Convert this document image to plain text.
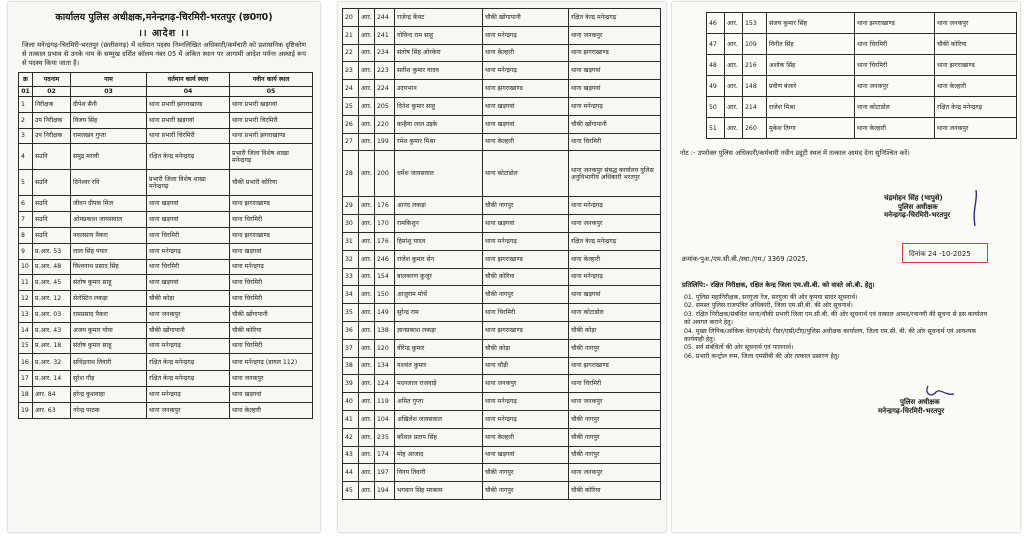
कार्यालय पुलिस अधीक्षक,मनेन्द्रगढ़-चिरमिरी-भरतपुर (छ0ग0)
।। आदेश ।।
जिला मनेन्द्रगढ़-चिरमिरी-भरतपुर (छत्तीसगढ़) में वर्तमान पदस्थ निम्नलिखित अधिकारी/कर्मचारी को प्रशासनिक दृष्टिकोण से तत्काल प्रभाव से उनके नाम के सम्मुख दर्शित कॉलम नंबर 05 में अंकित स्थान पर आगामी आदेश पर्यन्त अस्थाई रूप से पदस्थ किया जाता है।
क्र	पदनाम	नाम	वर्तमान कार्य स्थल	नवीन कार्य स्थल
01	02	03	04	05
1	निरीक्षक	दीपेश सैनी	थाना प्रभारी झगराखाण्ड	थाना प्रभारी खड़गवां
2	उप निरीक्षक	विजय सिंह	थाना प्रभारी खड़गवां	थाना प्रभारी चिरमिरी
3	उप निरीक्षक	रामलखन गुप्ता	थाना प्रभारी चिरमिरी	थाना प्रभारी झगराखाण्ड
4	सउनि	समुद्र मरावी	रक्षित केन्द्र मनेन्द्रगढ़	प्रभारी जिला विशेष शाखा मनेन्द्रगढ़
5	सउनि	दिनेश्वर रवि	प्रभारी जिला विशेष शाखा मनेन्द्रगढ़	चौकी प्रभारी कोरिया
6	सउनि	जीवन दीपक मिंज	थाना खड़गवां	थाना झगराखाण्ड
7	सउनि	ओमप्रकाश जायसवाल	थाना खड़गवां	थाना चिरमिरी
8	सउनि	नवलसाय पैकरा	थाना चिरमिरी	थाना झगराखाण्ड
9	प्र.आर. 53	लाल सिंह पयार	थाना मनेन्द्रगढ़	थाना खड़गवां
10	प्र.आर. 48	विश्वनाथ प्रसाद सिंह	थाना चिरमिरी	थाना मनेन्द्रगढ़
11	प्र.आर. 45	संतोष कुमार साहू	थाना खड़गवां	थाना चिरमिरी
12	प्र.आर. 12	सेलेस्टिन लकड़ा	चौकी कोड़ा	थाना चिरमिरी
13	प्र.आर. 03	रामप्रसाद पैकरा	थाना जनकपुर	चौकी खोंगापानी
14	प्र.आर. 43	अजय कुमार पोया	चौकी खोंगापानी	चौकी कोरिया
15	प्र.आर. 18	संतोष कुमार साहू	थाना मनेन्द्रगढ़	थाना चिरमिरी
16	प्र.आर. 32	सचिंद्रनाथ तिवारी	रक्षित केन्द्र मनेन्द्रगढ़	थाना मनेन्द्रगढ़ (डायल 112)
17	प्र.आर. 14	सुरेश गौड़	रक्षित केन्द्र मनेन्द्रगढ़	थाना जनकपुर
18	आर. 84	हरेन्द्र कुशवाहा	थाना मनेन्द्रगढ़	थाना खड़गवां
19	आर. 63	नरेन्द्र पाठक	थाना जनकपुर	थाना केल्हारी
20	आर.	244	राजेन्द्र केंवट	चौकी खोंगापानी	रक्षित केन्द्र मनेन्द्रगढ़
21	आर.	241	गोविन्द राम साहू	थाना मनेन्द्रगढ़	थाना जनकपुर
22	आर.	234	संतोष सिंह ओरकेरा	थाना केल्हारी	थाना झगराखाण्ड
23	आर.	223	सतीश कुमार यादव	थाना मनेन्द्रगढ़	थाना खड़गवां
24	आर.	224	उदयभान	थाना झगराखाण्ड	थाना खड़गवां
25	आर.	205	दिनेश कुमार साहू	थाना खड़गवां	थाना मनेन्द्रगढ़
26	आर.	220	कन्हैया लाल उइके	थाना खड़गवां	चौकी खोंगापानी
27	आर.	199	रमेश कुमार मिश्रा	थाना केल्हारी	थाना चिरमिरी
28	आर.	200	धर्मेश जायसवाल	थाना कोटाडोल	थाना जनकपुर संबद्ध कार्यालय पुलिस अनुविभागीय अधिकारी भरतपुर
29	आर.	176	आनंद लकड़ा	चौकी नागपुर	थाना मनेन्द्रगढ़
30	आर.	170	रामकिशुन	थाना खड़गवां	थाना जनकपुर
31	आर.	176	हिमांशु यादव	थाना मनेन्द्रगढ़	रक्षित केन्द्र मनेन्द्रगढ़
32	आर.	246	राजेश कुमार सेन	थाना झगराखाण्ड	थाना केल्हारी
33	आर.	154	बालकरण कुजूर	चौकी कोरिया	थाना मनेन्द्रगढ़
34	आर.	150	आजुराम मोर्चे	चौकी नागपुर	थाना खड़गवां
35	आर.	149	सुरेन्द्र राम	थाना चिरमिरी	थाना कोटाडोल
36	आर.	138	ज्ञानप्रकाश लकड़ा	थाना झगराखाण्ड	चौकी कोड़ा
37	आर.	120	वीरेन्द्र कुमार	चौकी कोड़ा	चौकी नागपुर
38	आर.	134	यशवंत कुमार	थाना चौड़ी	थाना झगराखाण्ड
39	आर.	124	मदनलाल राजवाड़े	थाना जनकपुर	थाना चिरमिरी
40	आर.	119	अमित गुप्ता	थाना मनेन्द्रगढ़	थाना जनकपुर
41	आर.	104	अखिलेश जायसवाल	थाना मनेन्द्रगढ़	चौकी नागपुर
42	आर.	235	कौशल प्रताप सिंह	थाना केल्हारी	चौकी नागपुर
43	आर.	174	मोह आजाद	थाना खड़गवां	चौकी नागपुर
44	आर.	197	विनय तिवारी	चौकी नागपुर	थाना जनकपुर
45	आर.	194	भगवान सिंह मरकाम	चौकी नागपुर	चौकी कोरिया
46	आर.	153	संजय कुमार सिंह	थाना झगराखाण्ड	थाना जनकपुर
47	आर.	109	विनीत सिंह	थाना चिरमिरी	चौकी कोरिया
48	आर.	216	अशोक सिंह	थाना चिरमिरी	थाना झगराखाण्ड
49	आर.	148	प्रवीण बंजारे	थाना जनकपुर	थाना केल्हारी
50	आर.	214	राजेश मिश्रा	थाना कोटाडोल	रक्षित केन्द्र मनेन्द्रगढ़
51	आर.	260	मुकेश तिग्गा	थाना केल्हारी	थाना जनकपुर
नोट :- उपरोक्त पुलिस अधिकारी/कर्मचारी नवीन ड्यूटी स्थल में तत्काल आमद देना सुनिश्चित करें।
चंद्रमोहन सिंह (भापुसे)
पुलिस अधीक्षक
मनेन्द्रगढ़-चिरमिरी-भरतपुर
क्रमांक-पुअ./एम.सी.बी./स्था./एम./ 3369 /2025,
दिनांक 24 -10-2025
प्रतिलिपि:- रक्षित निरीक्षक, रक्षित केन्द्र जिला एम.सी.बी. को वास्ते ओ.बी. हेतु।
01. पुलिस महानिरीक्षक, सरगुजा रेंज, सरगुजा की ओर कृपया सादर सूचनार्थ।
02. समस्त पुलिस राजपत्रित अधिकारी, जिला एम.सी.बी. की ओर सूचनार्थ।
03. रक्षित निरीक्षक/संबंधित थाना/चौकी प्रभारी जिला एम.सी.बी. की ओर सूचनार्थ एवं तत्काल आमद/रवानगी की सूचना से इस कार्यालय को अवगत कराने हेतु।
04. मुख्य लिपिक/आंकिक वेतन/स्टेनो/ रीडर/एसी/टीए/पुलिस अधीक्षक कार्यालय, जिला एम.सी. बी. की ओर सूचनार्थ एवं आवश्यक कार्यवाही हेतु।
05. सर्व संबंधितों की ओर सूचनार्थ एवं पालनार्थ।
06. प्रभारी कन्ट्रोल रूम, जिला एमसीबी की ओर तत्काल प्रसारण हेतु।
पुलिस अधीक्षक
मनेन्द्रगढ़-चिरमिरी-भरतपुर
